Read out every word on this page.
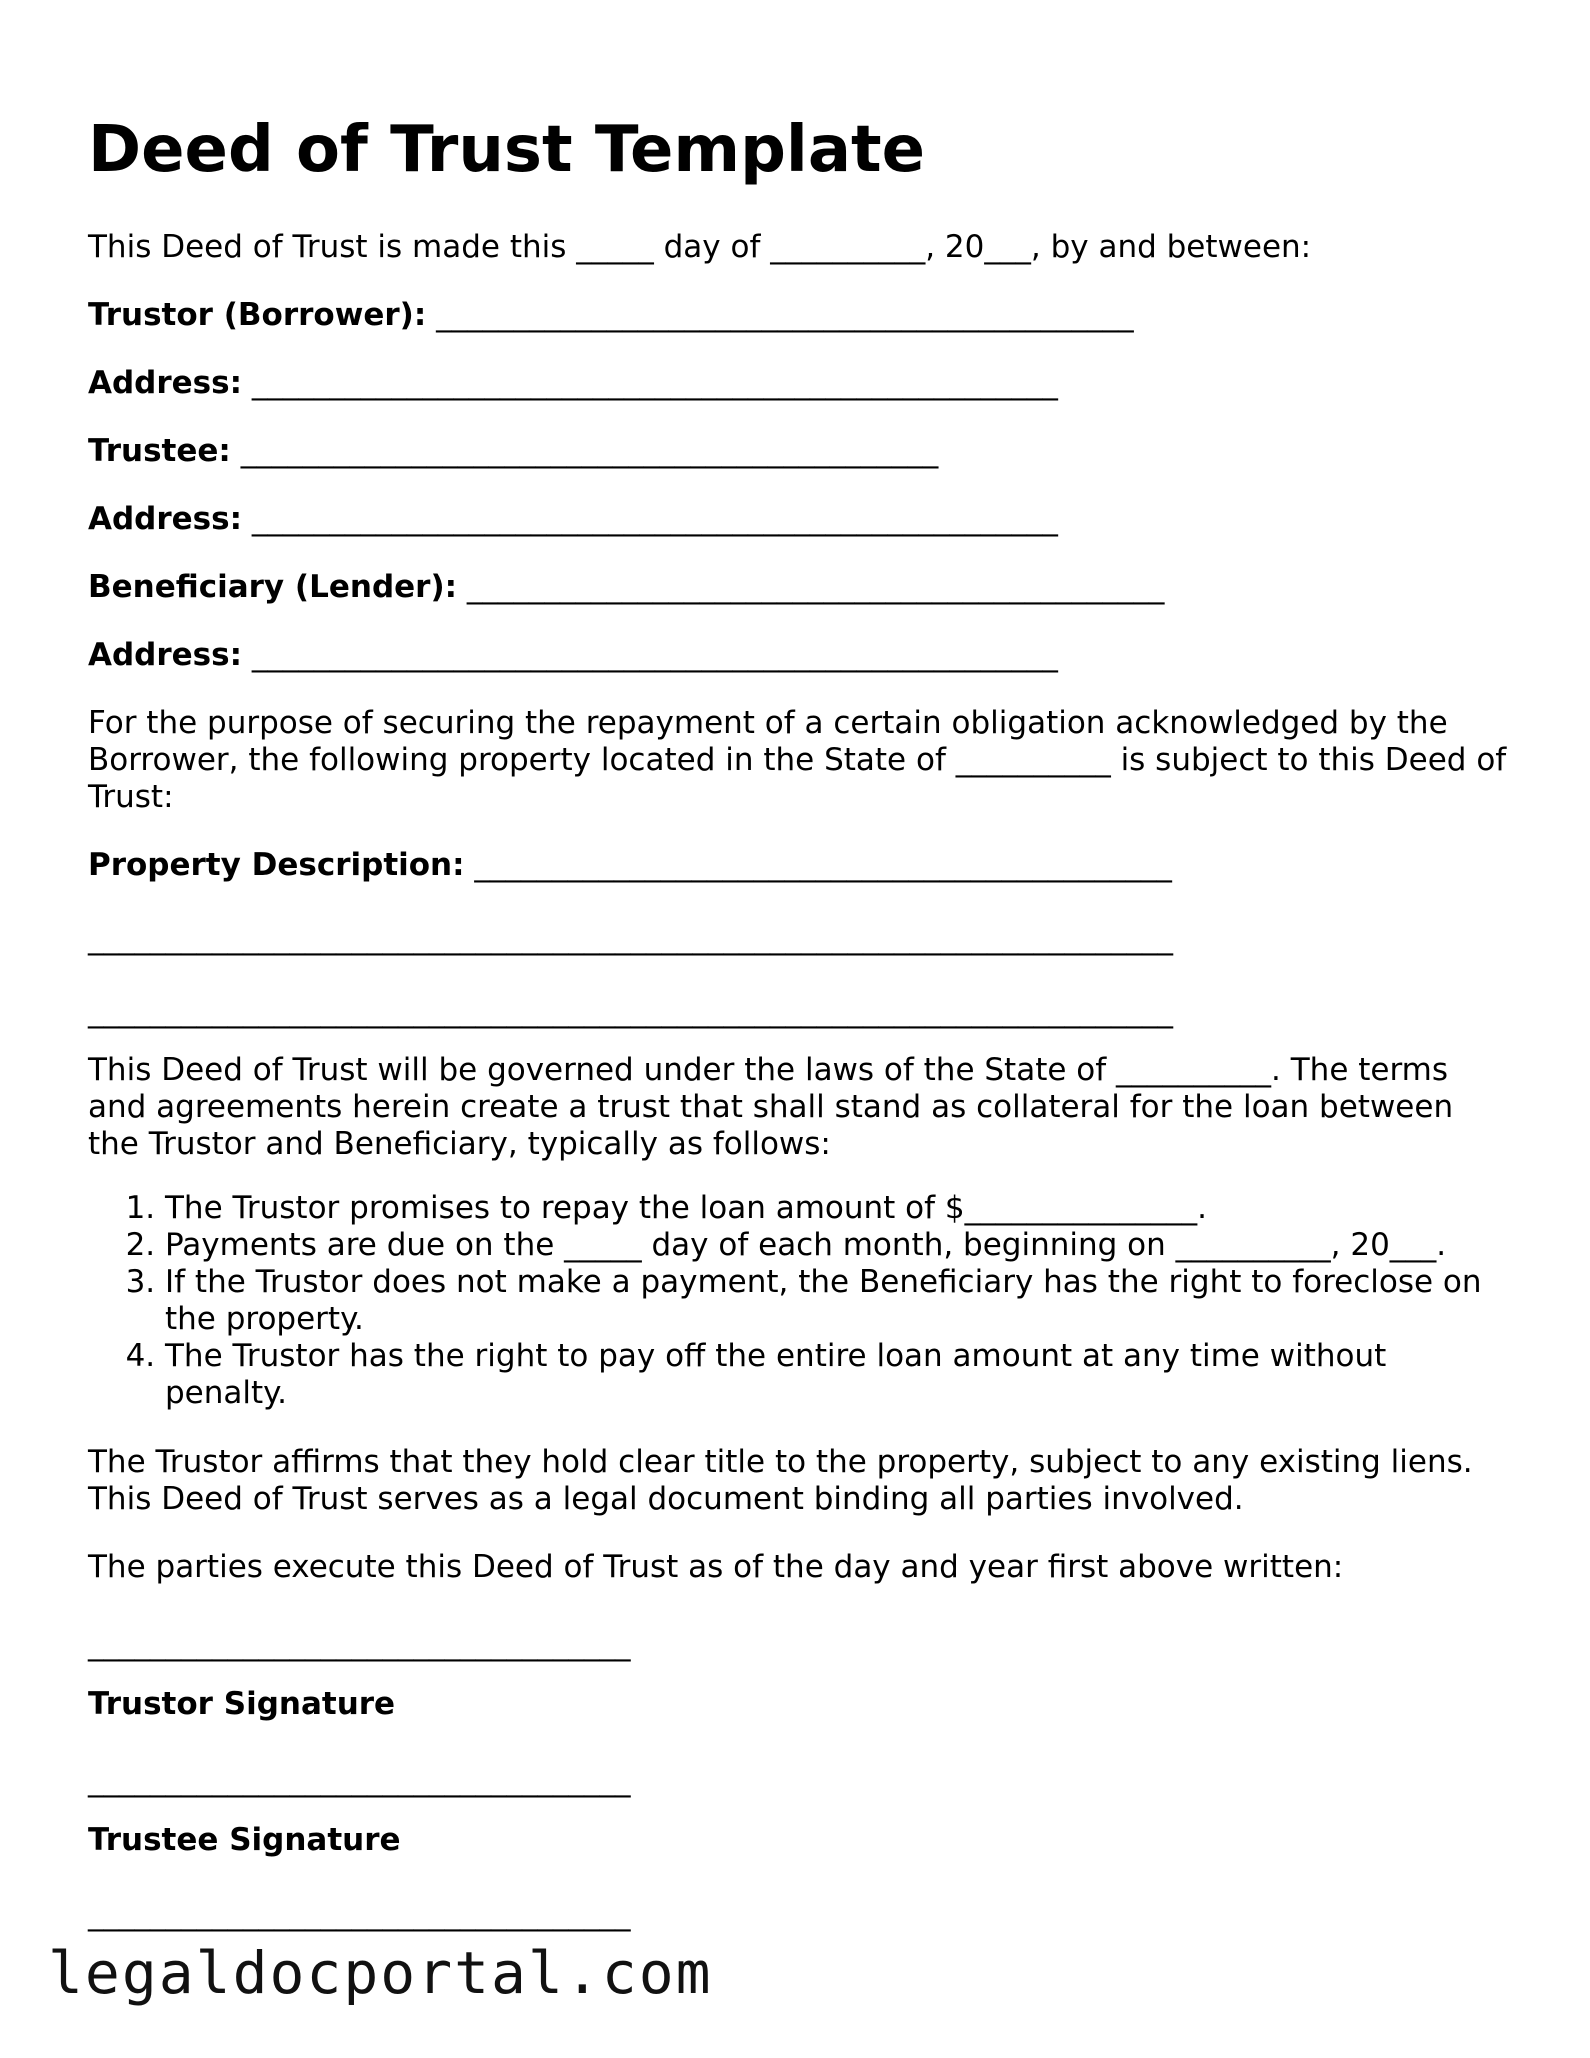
Deed of Trust Template
This Deed of Trust is made this _____ day of __________, 20___, by and between:
Trustor (Borrower): _____________________________________________
Address: ____________________________________________________
Trustee: _____________________________________________
Address: ____________________________________________________
Beneficiary (Lender): _____________________________________________
Address: ____________________________________________________
For the purpose of securing the repayment of a certain obligation acknowledged by the Borrower, the following property located in the State of __________ is subject to this Deed of Trust:
Property Description: _____________________________________________
______________________________________________________________________
______________________________________________________________________
This Deed of Trust will be governed under the laws of the State of __________. The terms and agreements herein create a trust that shall stand as collateral for the loan between the Trustor and Beneficiary, typically as follows:
1. The Trustor promises to repay the loan amount of $_______________.
2. Payments are due on the _____ day of each month, beginning on __________, 20___.
3. If the Trustor does not make a payment, the Beneficiary has the right to foreclose on the property.
4. The Trustor has the right to pay off the entire loan amount at any time without penalty.
The Trustor affirms that they hold clear title to the property, subject to any existing liens. This Deed of Trust serves as a legal document binding all parties involved.
The parties execute this Deed of Trust as of the day and year first above written:
___________________________________
Trustor Signature
___________________________________
Trustee Signature
___________________________________
legaldocportal.com
